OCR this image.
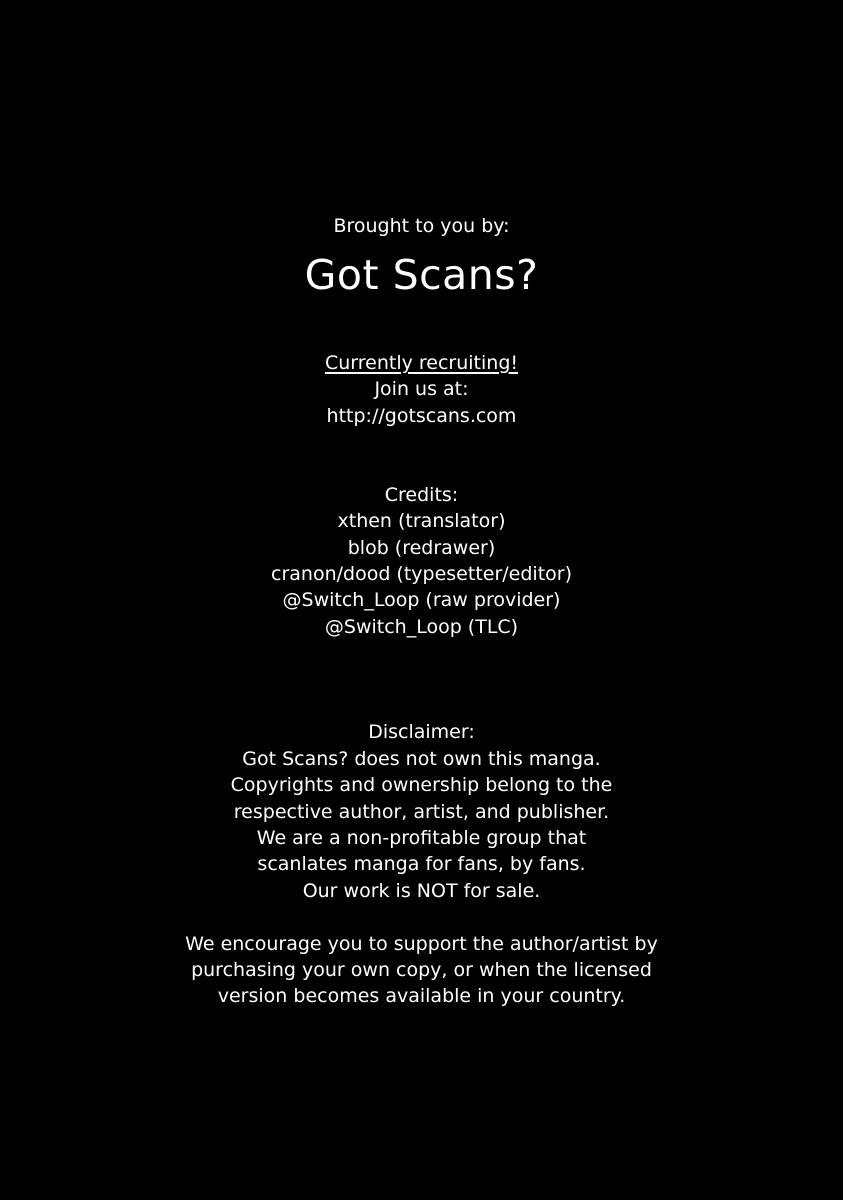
Brought to you by:
Got Scans?
Currently recruiting!
Join us at:
http://gotscans.com
Credits:
xthen (translator)
blob (redrawer)
cranon/dood (typesetter/editor)
@Switch_Loop (raw provider)
@Switch_Loop (TLC)
Disclaimer:
Got Scans? does not own this manga.
Copyrights and ownership belong to the
respective author, artist, and publisher.
We are a non-profitable group that
scanlates manga for fans, by fans.
Our work is NOT for sale.
We encourage you to support the author/artist by
purchasing your own copy, or when the licensed
version becomes available in your country.
